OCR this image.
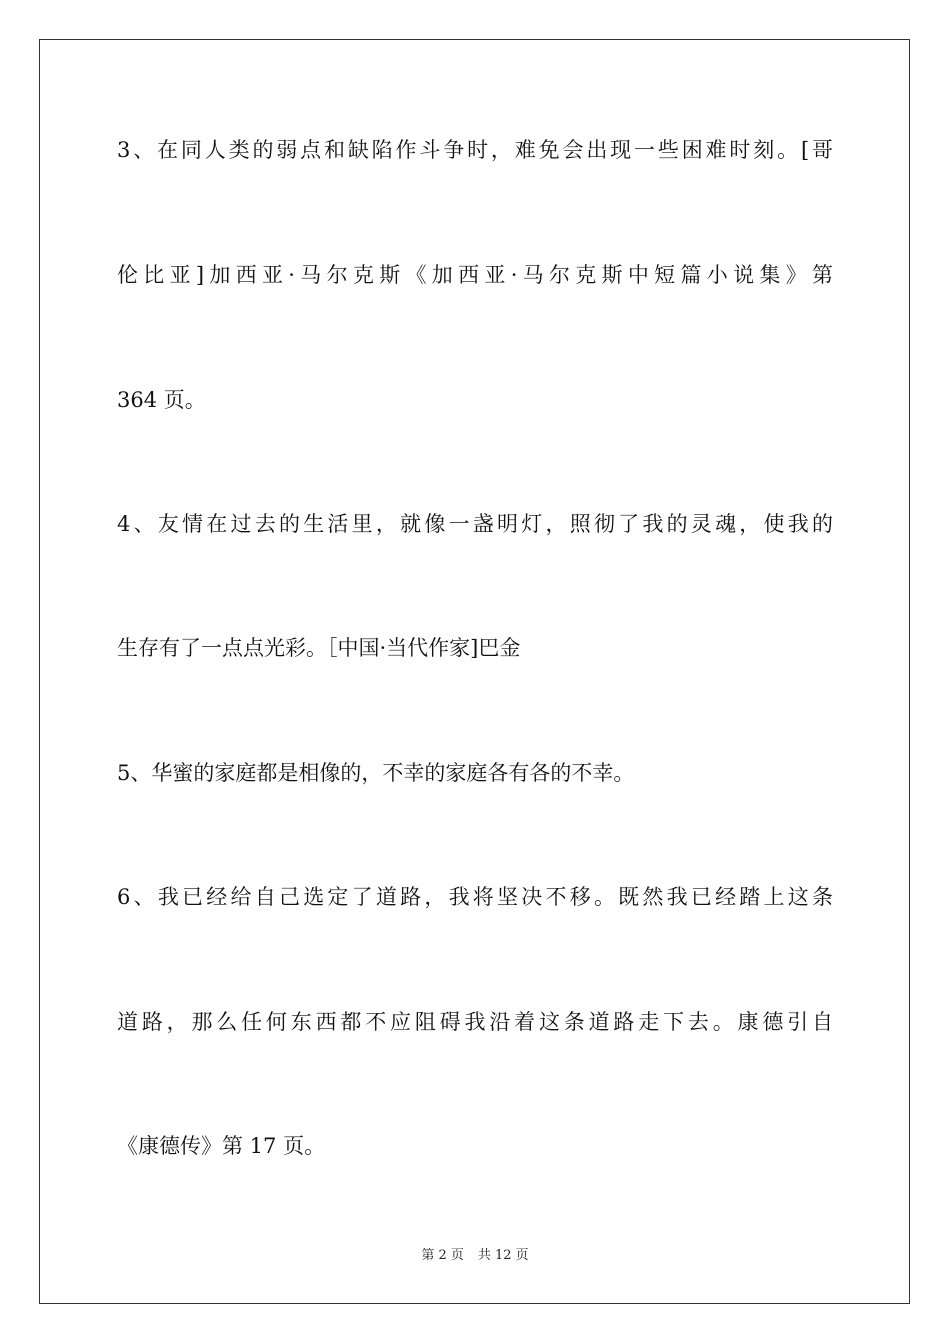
3、在同人类的弱点和缺陷作斗争时，难免会出现一些困难时刻。[哥
伦比亚]加西亚·马尔克斯《加西亚·马尔克斯中短篇小说集》第
364 页。
4、友情在过去的生活里，就像一盏明灯，照彻了我的灵魂，使我的
生存有了一点点光彩。［中国·当代作家]巴金
5、华蜜的家庭都是相像的，不幸的家庭各有各的不幸。
6、我已经给自己选定了道路，我将坚决不移。既然我已经踏上这条
道路，那么任何东西都不应阻碍我沿着这条道路走下去。康德引自
《康德传》第 17 页。
第 2 页 共 12 页
